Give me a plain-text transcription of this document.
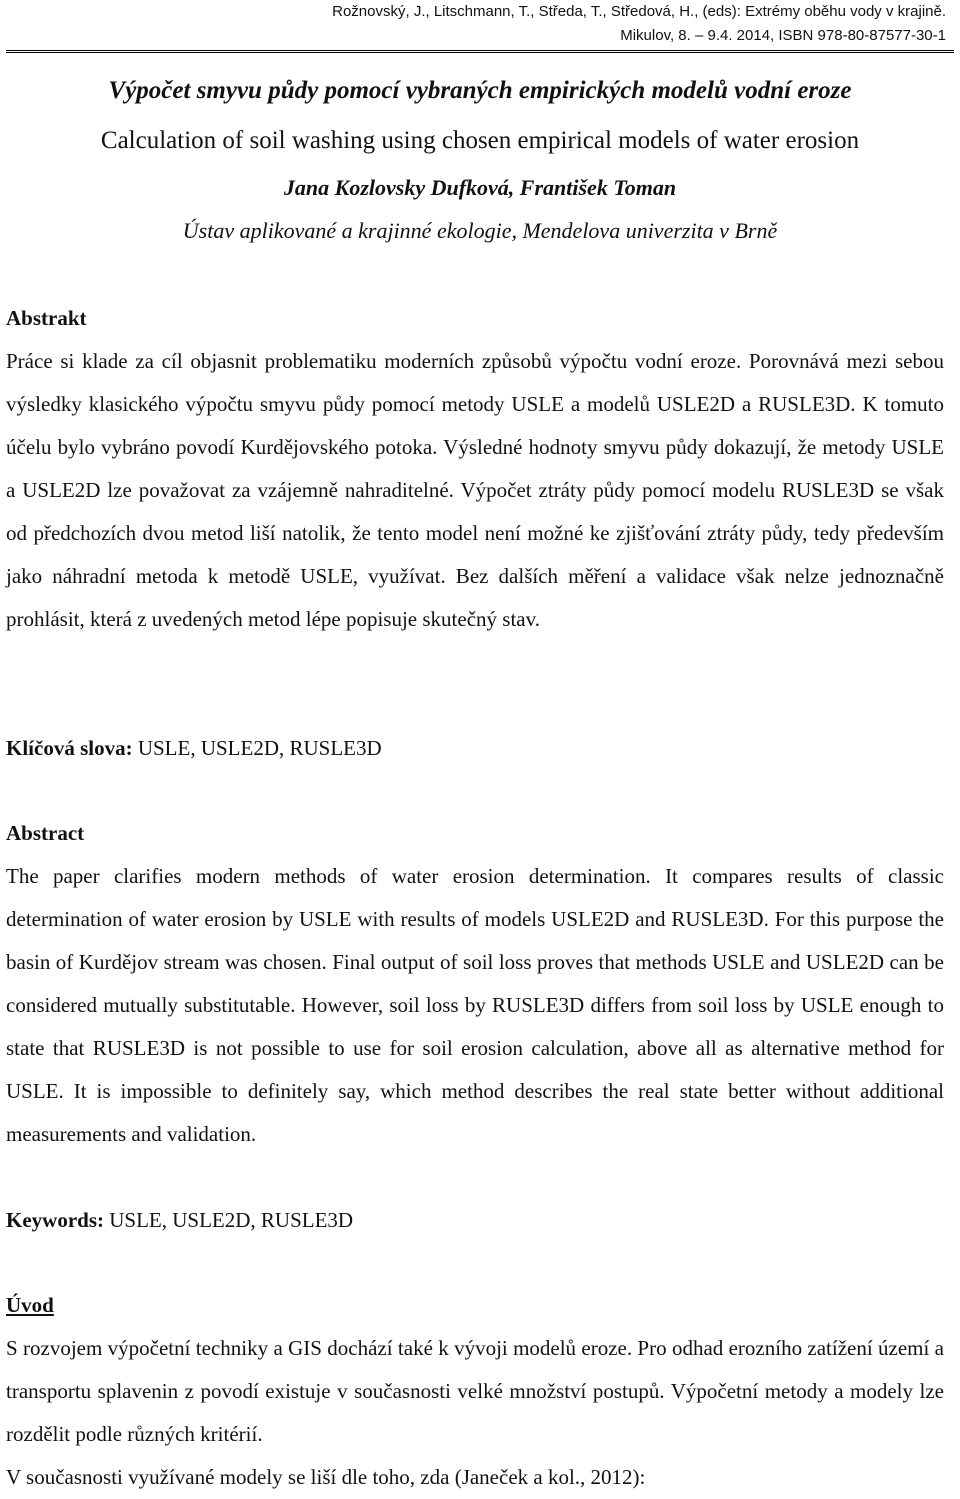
Rožnovský, J., Litschmann, T., Středa, T., Středová, H., (eds): Extrémy oběhu vody v krajině.
Mikulov, 8. – 9.4. 2014, ISBN 978-80-87577-30-1
Výpočet smyvu půdy pomocí vybraných empirických modelů vodní eroze
Calculation of soil washing using chosen empirical models of water erosion
Jana Kozlovsky Dufková, František Toman
Ústav aplikované a krajinné ekologie, Mendelova univerzita v Brně
Abstrakt
Práce si klade za cíl objasnit problematiku moderních způsobů výpočtu vodní eroze. Porovnává mezi sebou výsledky klasického výpočtu smyvu půdy pomocí metody USLE a modelů USLE2D a RUSLE3D. K tomuto účelu bylo vybráno povodí Kurdějovského potoka. Výsledné hodnoty smyvu půdy dokazují, že metody USLE a USLE2D lze považovat za vzájemně nahraditelné. Výpočet ztráty půdy pomocí modelu RUSLE3D se však od předchozích dvou metod liší natolik, že tento model není možné ke zjišťování ztráty půdy, tedy především jako náhradní metoda k metodě USLE, využívat. Bez dalších měření a validace však nelze jednoznačně prohlásit, která z uvedených metod lépe popisuje skutečný stav.
Klíčová slova: USLE, USLE2D, RUSLE3D
Abstract
The paper clarifies modern methods of water erosion determination. It compares results of classic determination of water erosion by USLE with results of models USLE2D and RUSLE3D. For this purpose the basin of Kurdějov stream was chosen. Final output of soil loss proves that methods USLE and USLE2D can be considered mutually substitutable. However, soil loss by RUSLE3D differs from soil loss by USLE enough to state that RUSLE3D is not possible to use for soil erosion calculation, above all as alternative method for USLE. It is impossible to definitely say, which method describes the real state better without additional measurements and validation.
Keywords: USLE, USLE2D, RUSLE3D
Úvod
S rozvojem výpočetní techniky a GIS dochází také k vývoji modelů eroze. Pro odhad erozního zatížení území a transportu splavenin z povodí existuje v současnosti velké množství postupů. Výpočetní metody a modely lze rozdělit podle různých kritérií.
V současnosti využívané modely se liší dle toho, zda (Janeček a kol., 2012):
